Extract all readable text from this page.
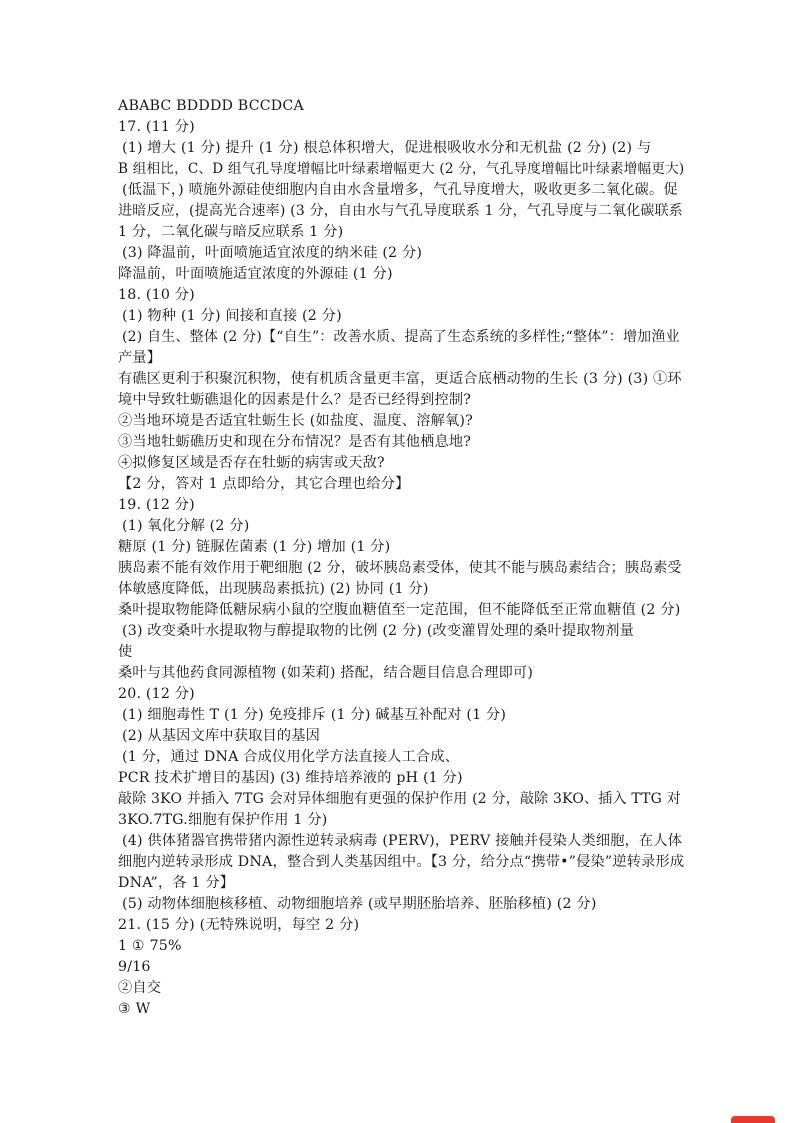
ABABC BDDDD BCCDCA
17. (11 分)
(1) 增大 (1 分) 提升 (1 分) 根总体积增大，促进根吸收水分和无机盐 (2 分) (2) 与
B 组相比，C、D 组气孔导度增幅比叶绿素增幅更大 (2 分，气孔导度增幅比叶绿素增幅更大)
(低温下，) 喷施外源硅使细胞内自由水含量增多，气孔导度增大，吸收更多二氧化碳。促
进暗反应，(提高光合速率) (3 分，自由水与气孔导度联系 1 分，气孔导度与二氧化碳联系
1 分，二氧化碳与暗反应联系 1 分)
(3) 降温前，叶面喷施适宜浓度的纳米硅 (2 分)
降温前，叶面喷施适宜浓度的外源硅 (1 分)
18. (10 分)
(1) 物种 (1 分) 间接和直接 (2 分)
(2) 自生、整体 (2 分)【“自生”：改善水质、提高了生态系统的多样性;“整体”：增加渔业
产量】
有礁区更利于积聚沉积物，使有机质含量更丰富，更适合底栖动物的生长 (3 分) (3) ①环
境中导致牡蛎礁退化的因素是什么？是否已经得到控制?
②当地环境是否适宜牡蛎生长 (如盐度、温度、溶解氧)?
③当地牡蛎礁历史和现在分布情况？是否有其他栖息地?
④拟修复区域是否存在牡蛎的病害或天敌?
【2 分，答对 1 点即给分，其它合理也给分】
19. (12 分)
(1) 氧化分解 (2 分)
糖原 (1 分) 链脲佐菌素 (1 分) 增加 (1 分)
胰岛素不能有效作用于靶细胞 (2 分，破坏胰岛素受体，使其不能与胰岛素结合；胰岛素受
体敏感度降低，出现胰岛素抵抗) (2) 协同 (1 分)
桑叶提取物能降低糖尿病小鼠的空腹血糖值至一定范围，但不能降低至正常血糖值 (2 分)
(3) 改变桑叶水提取物与醇提取物的比例 (2 分) (改变灌胃处理的桑叶提取物剂量
使
桑叶与其他药食同源植物 (如茉莉) 搭配，结合题目信息合理即可)
20. (12 分)
(1) 细胞毒性 T (1 分) 免疫排斥 (1 分) 碱基互补配对 (1 分)
(2) 从基因文库中获取目的基因
(1 分，通过 DNA 合成仪用化学方法直接人工合成、
PCR 技术扩增目的基因) (3) 维持培养液的 pH (1 分)
敲除 3KO 并插入 7TG 会对异体细胞有更强的保护作用 (2 分，敲除 3KO、插入 TTG 对
3KO.7TG.细胞有保护作用 1 分)
(4) 供体猪器官携带猪内源性逆转录病毒 (PERV)，PERV 接触并侵染人类细胞，在人体
细胞内逆转录形成 DNA，整合到人类基因组中。【3 分，给分点“携带•”侵染”逆转录形成
DNA”，各 1 分】
(5) 动物体细胞核移植、动物细胞培养 (或早期胚胎培养、胚胎移植) (2 分)
21. (15 分) (无特殊说明，每空 2 分)
1 ① 75%
9/16
②自交
③ W
